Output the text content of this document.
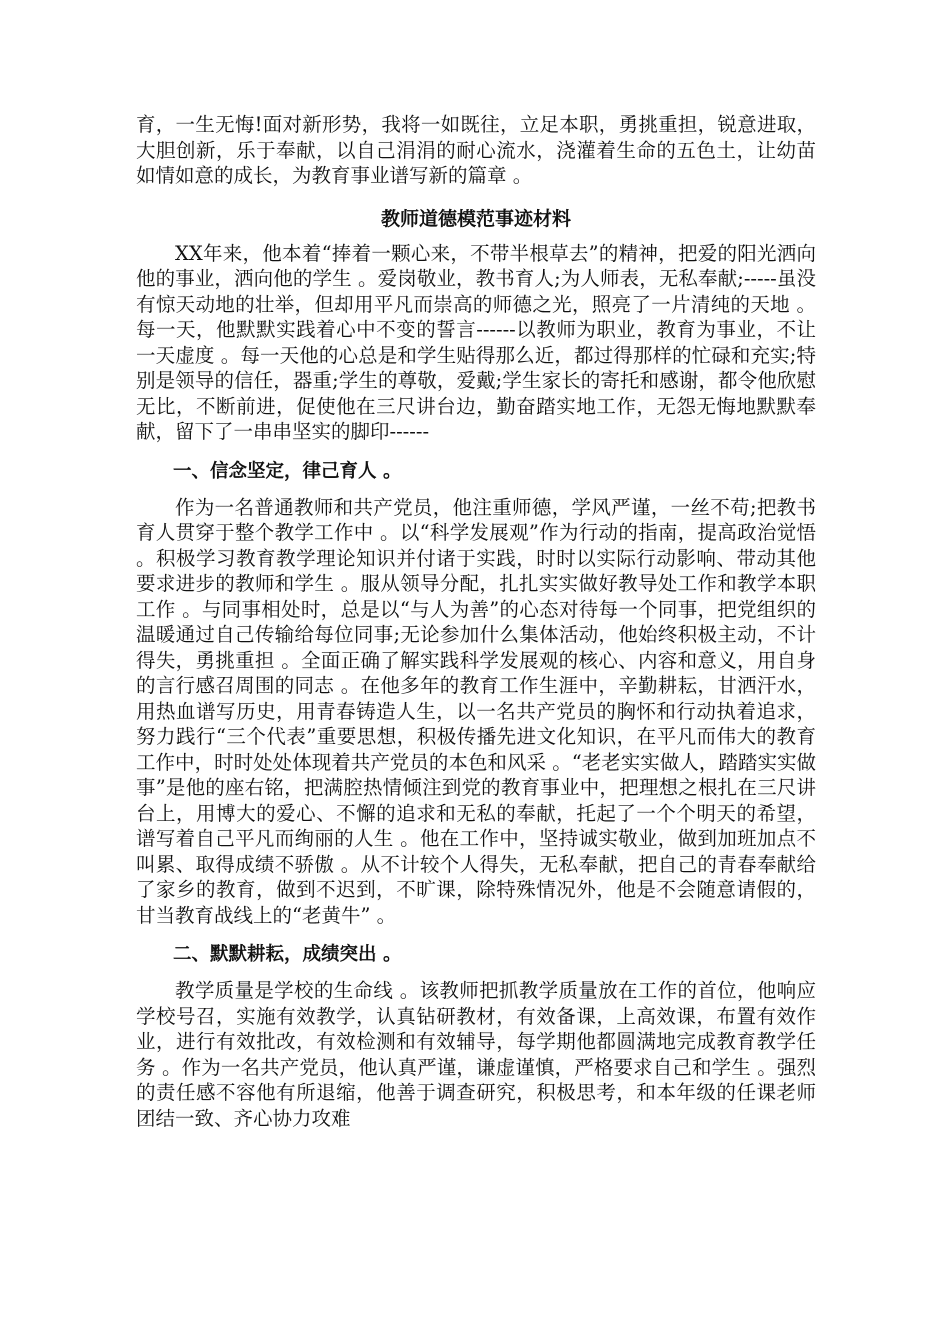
育，一生无悔!面对新形势，我将一如既往，立足本职，勇挑重担，锐意进取，大胆创新，乐于奉献，以自己涓涓的耐心流水，浇灌着生命的五色土，让幼苗如情如意的成长，为教育事业谱写新的篇章 。

教师道德模范事迹材料

XX年来，他本着“捧着一颗心来，不带半根草去”的精神，把爱的阳光洒向他的事业，洒向他的学生 。爱岗敬业，教书育人;为人师表，无私奉献;-----虽没有惊天动地的壮举，但却用平凡而崇高的师德之光，照亮了一片清纯的天地 。每一天，他默默实践着心中不变的誓言------以教师为职业，教育为事业，不让一天虚度 。每一天他的心总是和学生贴得那么近，都过得那样的忙碌和充实;特别是领导的信任，器重;学生的尊敬，爱戴;学生家长的寄托和感谢，都令他欣慰无比，不断前进，促使他在三尺讲台边，勤奋踏实地工作，无怨无悔地默默奉献，留下了一串串坚实的脚印------

一、信念坚定，律己育人 。

作为一名普通教师和共产党员，他注重师德，学风严谨，一丝不苟;把教书育人贯穿于整个教学工作中 。以“科学发展观”作为行动的指南，提高政治觉悟 。积极学习教育教学理论知识并付诸于实践，时时以实际行动影响、带动其他要求进步的教师和学生 。服从领导分配，扎扎实实做好教导处工作和教学本职工作 。与同事相处时，总是以“与人为善”的心态对待每一个同事，把党组织的温暖通过自己传输给每位同事;无论参加什么集体活动，他始终积极主动，不计得失，勇挑重担 。全面正确了解实践科学发展观的核心、内容和意义，用自身的言行感召周围的同志 。在他多年的教育工作生涯中，辛勤耕耘，甘洒汗水，用热血谱写历史，用青春铸造人生，以一名共产党员的胸怀和行动执着追求，努力践行“三个代表”重要思想，积极传播先进文化知识，在平凡而伟大的教育工作中，时时处处体现着共产党员的本色和风采 。“老老实实做人，踏踏实实做事”是他的座右铭，把满腔热情倾注到党的教育事业中，把理想之根扎在三尺讲台上，用博大的爱心、不懈的追求和无私的奉献，托起了一个个明天的希望，谱写着自己平凡而绚丽的人生 。他在工作中，坚持诚实敬业，做到加班加点不叫累、取得成绩不骄傲 。从不计较个人得失，无私奉献，把自己的青春奉献给了家乡的教育，做到不迟到，不旷课，除特殊情况外，他是不会随意请假的，甘当教育战线上的“老黄牛” 。

二、默默耕耘，成绩突出 。

教学质量是学校的生命线 。该教师把抓教学质量放在工作的首位，他响应学校号召，实施有效教学，认真钻研教材，有效备课，上高效课，布置有效作业，进行有效批改，有效检测和有效辅导，每学期他都圆满地完成教育教学任务 。作为一名共产党员，他认真严谨，谦虚谨慎，严格要求自己和学生 。强烈的责任感不容他有所退缩，他善于调查研究，积极思考，和本年级的任课老师团结一致、齐心协力攻难
